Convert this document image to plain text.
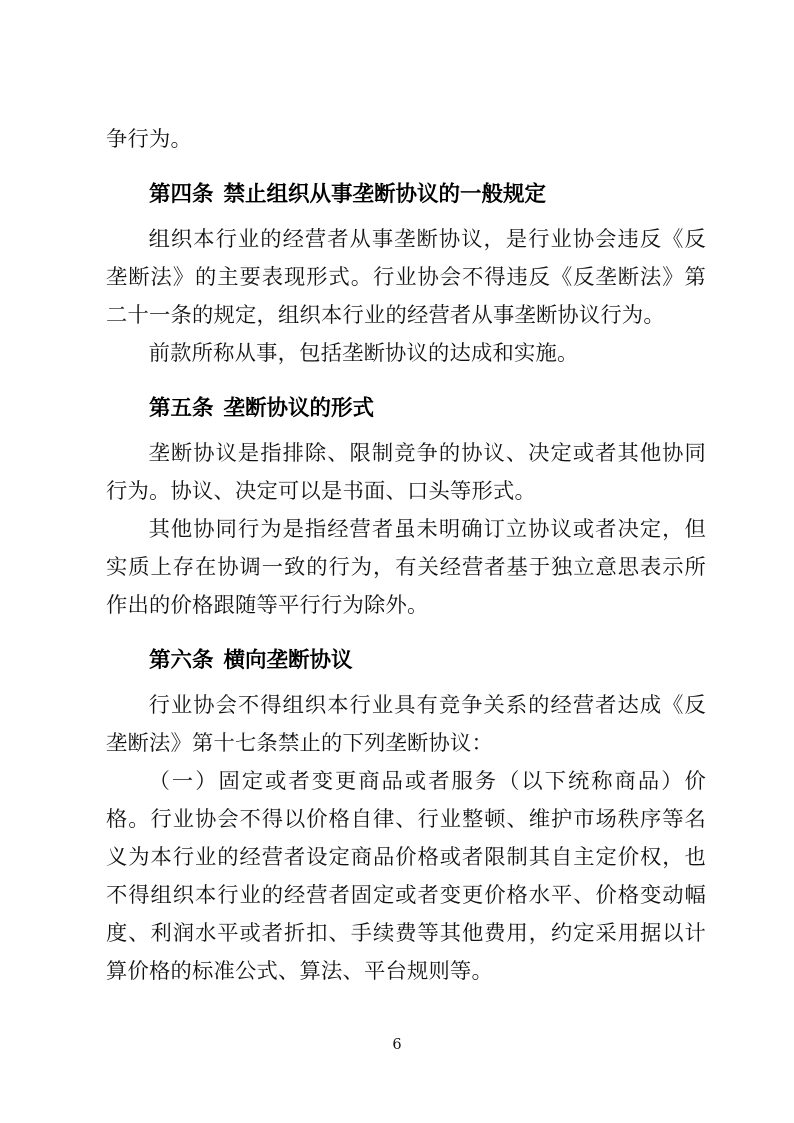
争行为。

第四条 禁止组织从事垄断协议的一般规定

组织本行业的经营者从事垄断协议，是行业协会违反《反垄断法》的主要表现形式。行业协会不得违反《反垄断法》第二十一条的规定，组织本行业的经营者从事垄断协议行为。

前款所称从事，包括垄断协议的达成和实施。

第五条 垄断协议的形式

垄断协议是指排除、限制竞争的协议、决定或者其他协同行为。协议、决定可以是书面、口头等形式。

其他协同行为是指经营者虽未明确订立协议或者决定，但实质上存在协调一致的行为，有关经营者基于独立意思表示所作出的价格跟随等平行行为除外。

第六条 横向垄断协议

行业协会不得组织本行业具有竞争关系的经营者达成《反垄断法》第十七条禁止的下列垄断协议：

（一）固定或者变更商品或者服务（以下统称商品）价格。行业协会不得以价格自律、行业整顿、维护市场秩序等名义为本行业的经营者设定商品价格或者限制其自主定价权，也不得组织本行业的经营者固定或者变更价格水平、价格变动幅度、利润水平或者折扣、手续费等其他费用，约定采用据以计算价格的标准公式、算法、平台规则等。

6
